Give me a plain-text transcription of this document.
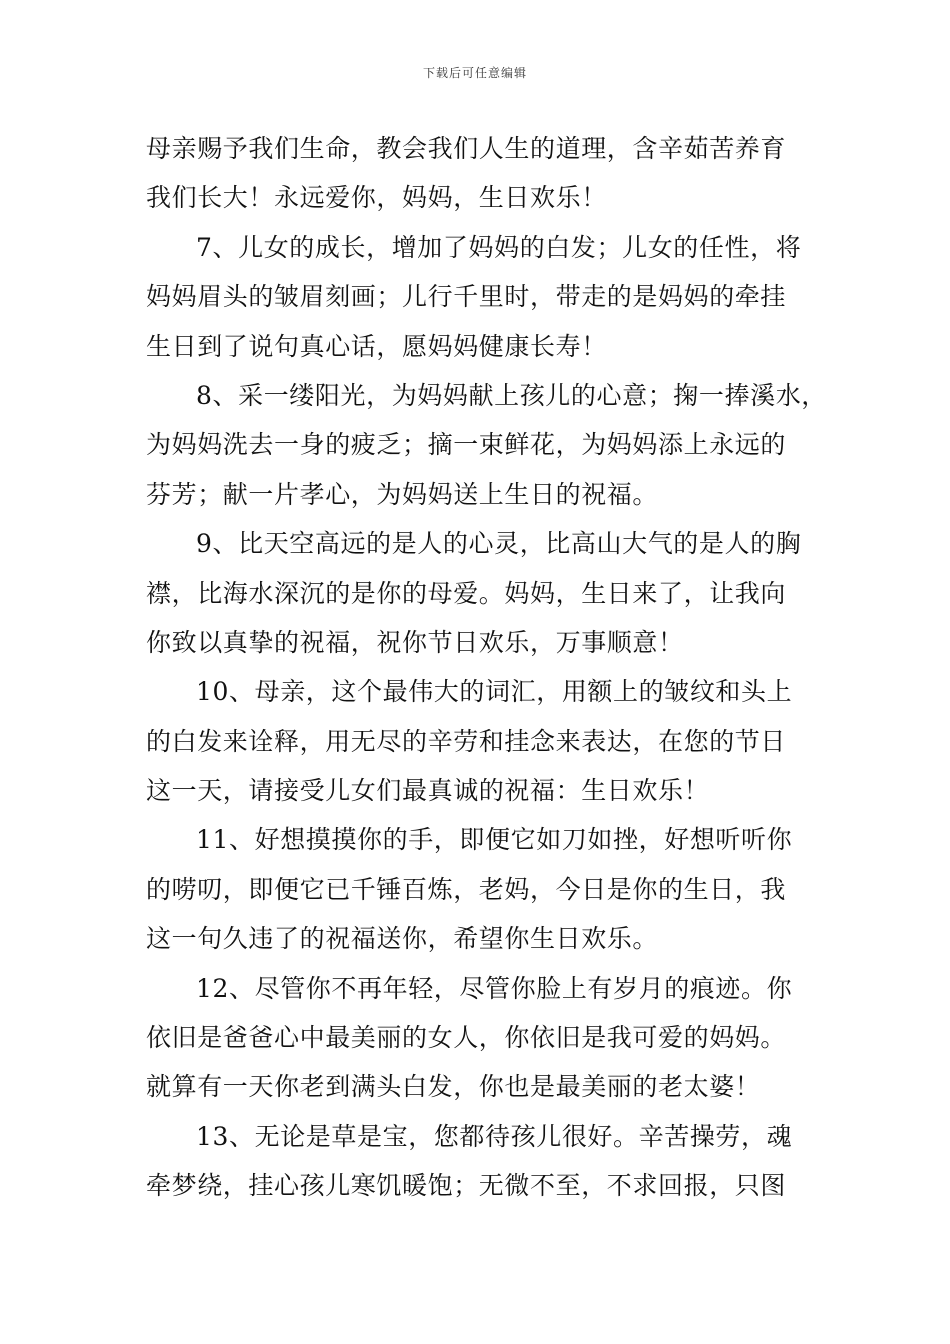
下载后可任意编辑
母亲赐予我们生命，教会我们人生的道理，含辛茹苦养育
我们长大！永远爱你，妈妈，生日欢乐！
7、儿女的成长，增加了妈妈的白发；儿女的任性，将
妈妈眉头的皱眉刻画；儿行千里时，带走的是妈妈的牵挂
生日到了说句真心话，愿妈妈健康长寿！
8、采一缕阳光，为妈妈献上孩儿的心意；掬一捧溪水，
为妈妈洗去一身的疲乏；摘一束鲜花，为妈妈添上永远的
芬芳；献一片孝心，为妈妈送上生日的祝福。
9、比天空高远的是人的心灵，比高山大气的是人的胸
襟，比海水深沉的是你的母爱。妈妈，生日来了，让我向
你致以真挚的祝福，祝你节日欢乐，万事顺意！
10、母亲，这个最伟大的词汇，用额上的皱纹和头上
的白发来诠释，用无尽的辛劳和挂念来表达，在您的节日
这一天，请接受儿女们最真诚的祝福：生日欢乐！
11、好想摸摸你的手，即便它如刀如挫，好想听听你
的唠叨，即便它已千锤百炼，老妈，今日是你的生日，我
这一句久违了的祝福送你，希望你生日欢乐。
12、尽管你不再年轻，尽管你脸上有岁月的痕迹。你
依旧是爸爸心中最美丽的女人，你依旧是我可爱的妈妈。
就算有一天你老到满头白发，你也是最美丽的老太婆！
13、无论是草是宝，您都待孩儿很好。辛苦操劳，魂
牵梦绕，挂心孩儿寒饥暖饱；无微不至，不求回报，只图
